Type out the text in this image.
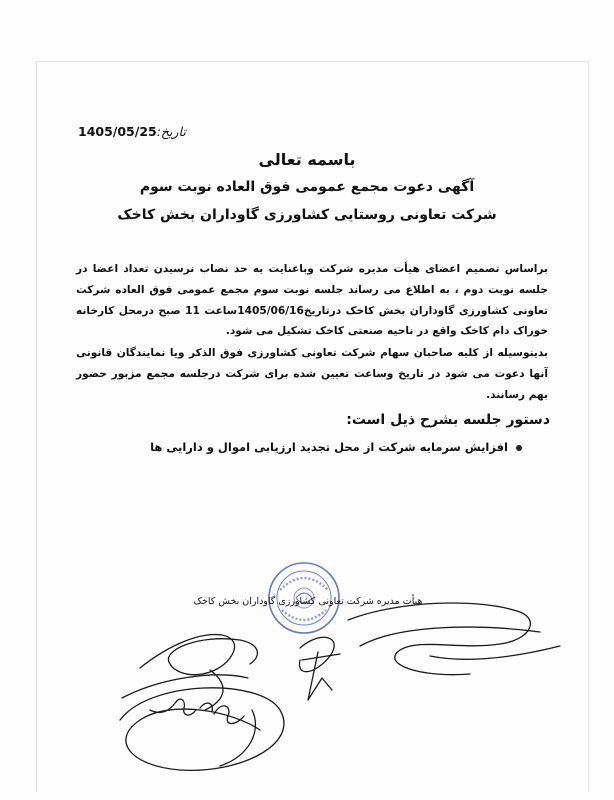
تاریخ:1405/05/25
باسمه تعالی
آگهی دعوت مجمع عمومی فوق العاده نوبت سوم
شرکت تعاونی روستایی کشاورزی گاوداران بخش کاخک
براساس تصمیم اعضای هیأت مدیره شرکت وباعنایت به حد نصاب نرسیدن تعداد اعضا در جلسه نوبت دوم ، به اطلاع می رساند جلسه نوبت سوم مجمع عمومی فوق العاده شرکت تعاونی کشاورزی گاوداران بخش کاخک درتاریخ1405/06/16ساعت 11 صبح درمحل کارخانه خوراک دام کاخک واقع در ناحیه صنعتی کاخک تشکیل می شود.
بدینوسیله از کلیه صاحبان سهام شرکت تعاونی کشاورزی فوق الذکر ویا نمایندگان قانونی آنها دعوت می شود در تاریخ وساعت تعیین شده برای شرکت درجلسه مجمع مزبور حضور بهم رسانند.
دستور جلسه بشرح ذیل است:
افزایش سرمایه شرکت از محل تجدید ارزیابی اموال و دارایی ها
هیأت مدیره شرکت تعاونی کشاورزی گاوداران بخش کاخک
